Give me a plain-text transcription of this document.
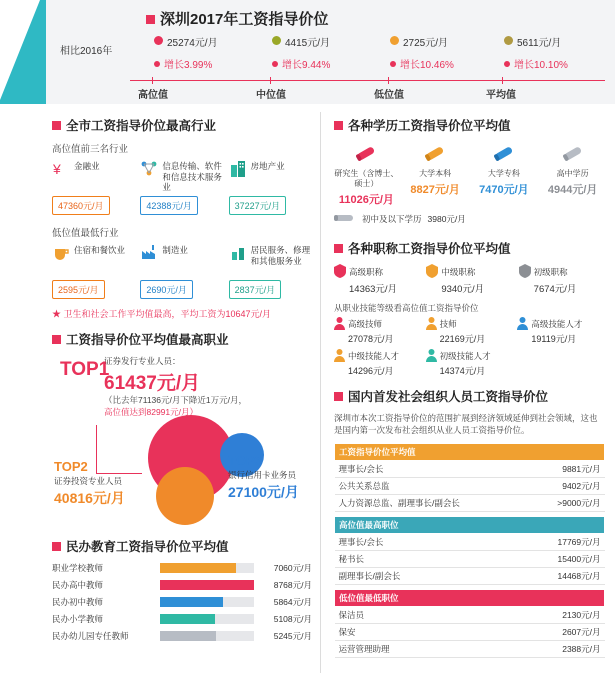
深圳2017年工资指导价位
相比2016年
25274元/月
增长3.99%
4415元/月
增长9.44%
2725元/月
增长10.46%
5611元/月
增长10.10%
高位值	中位值	低位值	平均值
全市工资指导价位最高行业
高位值前三名行业
¥	金融业
47360元/月
信息传输、软件和信息技术服务业
42388元/月
房地产业
37227元/月
低位值最低行业
住宿和餐饮业
2595元/月
制造业
2690元/月
居民服务、修理和其他服务业
2837元/月
★ 卫生和社会工作平均值最高，平均工资为10647元/月
工资指导价位平均值最高职业
证券发行专业人员：
TOP1
61437元/月
（比去年71136元/月下降近1万元/月，
高位值达到82991元/月）
TOP2
证券投资专业人员
40816元/月
TOP3
银行信用卡业务员
27100元/月
民办教育工资指导价位平均值
职业学校教师	7060元/月
民办高中教师	8768元/月
民办初中教师	5864元/月
民办小学教师	5108元/月
民办幼儿园专任教师	5245元/月
各种学历工资指导价位平均值
研究生（含博士、硕士）
11026元/月
大学本科
8827元/月
大学专科
7470元/月
高中学历
4944元/月
初中及以下学历 3980元/月
各种职称工资指导价位平均值
高级职称
14363元/月
中级职称
9340元/月
初级职称
7674元/月
从职业技能等级看高位值工资指导价位
高级技师
27078元/月
技师
22169元/月
高级技能人才
19119元/月
中级技能人才
14296元/月
初级技能人才
14374元/月
国内首发社会组织人员工资指导价位
深圳市本次工资指导价位的范围扩展到经济领域延伸到社会领域，这也是国内第一次发布社会组织从业人员工资指导价位。
工资指导价位平均值	
理事长/会长	9881元/月
公共关系总监	9402元/月
人力资源总监、副理事长/副会长	>9000元/月
高位值最高职位	
理事长/会长	17769元/月
秘书长	15400元/月
副理事长/副会长	14468元/月
低位值最低职位	
保洁员	2130元/月
保安	2607元/月
运营管理助理	2388元/月
